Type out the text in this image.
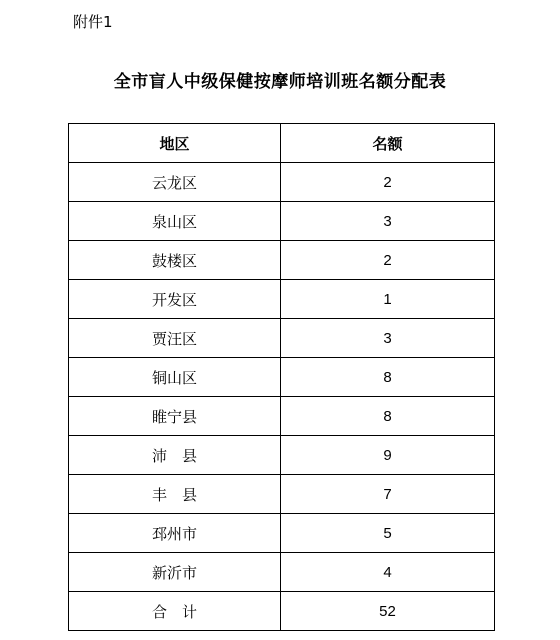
附件1
全市盲人中级保健按摩师培训班名额分配表
地区	名额
云龙区	2
泉山区	3
鼓楼区	2
开发区	1
贾汪区	3
铜山区	8
睢宁县	8
沛　县	9
丰　县	7
邳州市	5
新沂市	4
合　计	52
